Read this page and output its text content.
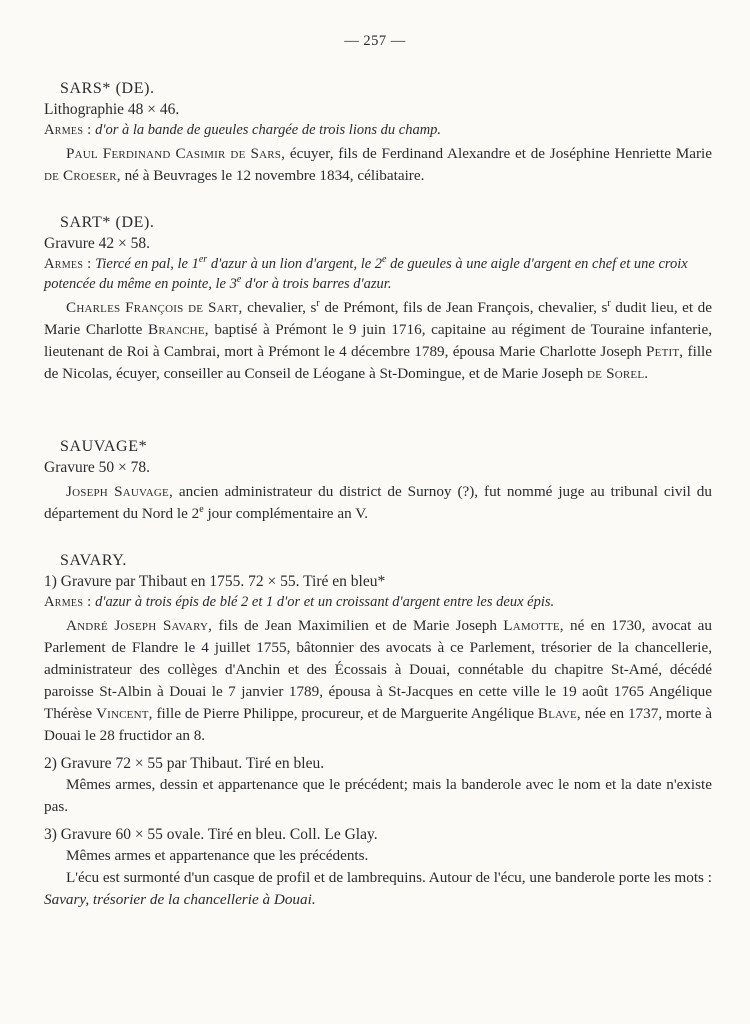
— 257 —
SARS* (DE).
Lithographie 48 × 46.
Armes : d'or à la bande de gueules chargée de trois lions du champ.
Paul Ferdinand Casimir de Sars, écuyer, fils de Ferdinand Alexandre et de Joséphine Henriette Marie de Croeser, né à Beuvrages le 12 novembre 1834, célibataire.
SART* (DE).
Gravure 42 × 58.
Armes : Tiercé en pal, le 1er d'azur à un lion d'argent, le 2e de gueules à une aigle d'argent en chef et une croix potencée du même en pointe, le 3e d'or à trois barres d'azur.
Charles François de Sart, chevalier, $s^r$ de Prémont, fils de Jean François, chevalier, $s^r$ dudit lieu, et de Marie Charlotte Branche, baptisé à Prémont le 9 juin 1716, capitaine au régiment de Touraine infanterie, lieutenant de Roi à Cambrai, mort à Prémont le 4 décembre 1789, épousa Marie Charlotte Joseph Petit, fille de Nicolas, écuyer, conseiller au Conseil de Léogane à St-Domingue, et de Marie Joseph de Sorel.
SAUVAGE*
Gravure 50 × 78.
Joseph Sauvage, ancien administrateur du district de Surnoy (?), fut nommé juge au tribunal civil du département du Nord le 2e jour complémentaire an V.
SAVARY.
1) Gravure par Thibaut en 1755. 72 × 55. Tiré en bleu*
Armes : d'azur à trois épis de blé 2 et 1 d'or et un croissant d'argent entre les deux épis.
André Joseph Savary, fils de Jean Maximilien et de Marie Joseph Lamotte, né en 1730, avocat au Parlement de Flandre le 4 juillet 1755, bâtonnier des avocats à ce Parlement, trésorier de la chancellerie, administrateur des collèges d'Anchin et des Écossais à Douai, connétable du chapitre St-Amé, décédé paroisse St-Albin à Douai le 7 janvier 1789, épousa à St-Jacques en cette ville le 19 août 1765 Angélique Thérèse Vincent, fille de Pierre Philippe, procureur, et de Marguerite Angélique Blave, née en 1737, morte à Douai le 28 fructidor an 8.
2) Gravure 72 × 55 par Thibaut. Tiré en bleu.
Mêmes armes, dessin et appartenance que le précédent; mais la banderole avec le nom et la date n'existe pas.
3) Gravure 60 × 55 ovale. Tiré en bleu. Coll. Le Glay.
Mêmes armes et appartenance que les précédents.
L'écu est surmonté d'un casque de profil et de lambrequins. Autour de l'écu, une banderole porte les mots : Savary, trésorier de la chancellerie à Douai.
